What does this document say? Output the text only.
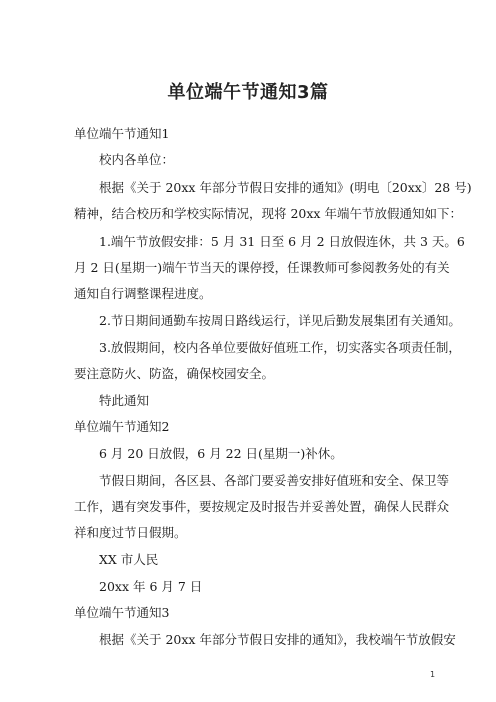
单位端午节通知3篇
单位端午节通知1
校内各单位：
根据《关于 20xx 年部分节假日安排的通知》(明电〔20xx〕28 号)
精神，结合校历和学校实际情况，现将 20xx 年端午节放假通知如下：
1.端午节放假安排：5 月 31 日至 6 月 2 日放假连休，共 3 天。6
月 2 日(星期一)端午节当天的课停授，任课教师可参阅教务处的有关
通知自行调整课程进度。
2.节日期间通勤车按周日路线运行，详见后勤发展集团有关通知。
3.放假期间，校内各单位要做好值班工作，切实落实各项责任制，
要注意防火、防盗，确保校园安全。
特此通知
单位端午节通知2
6 月 20 日放假，6 月 22 日(星期一)补休。
节假日期间，各区县、各部门要妥善安排好值班和安全、保卫等
工作，遇有突发事件，要按规定及时报告并妥善处置，确保人民群众
祥和度过节日假期。
XX 市人民
20xx 年 6 月 7 日
单位端午节通知3
根据《关于 20xx 年部分节假日安排的通知》，我校端午节放假安
1
